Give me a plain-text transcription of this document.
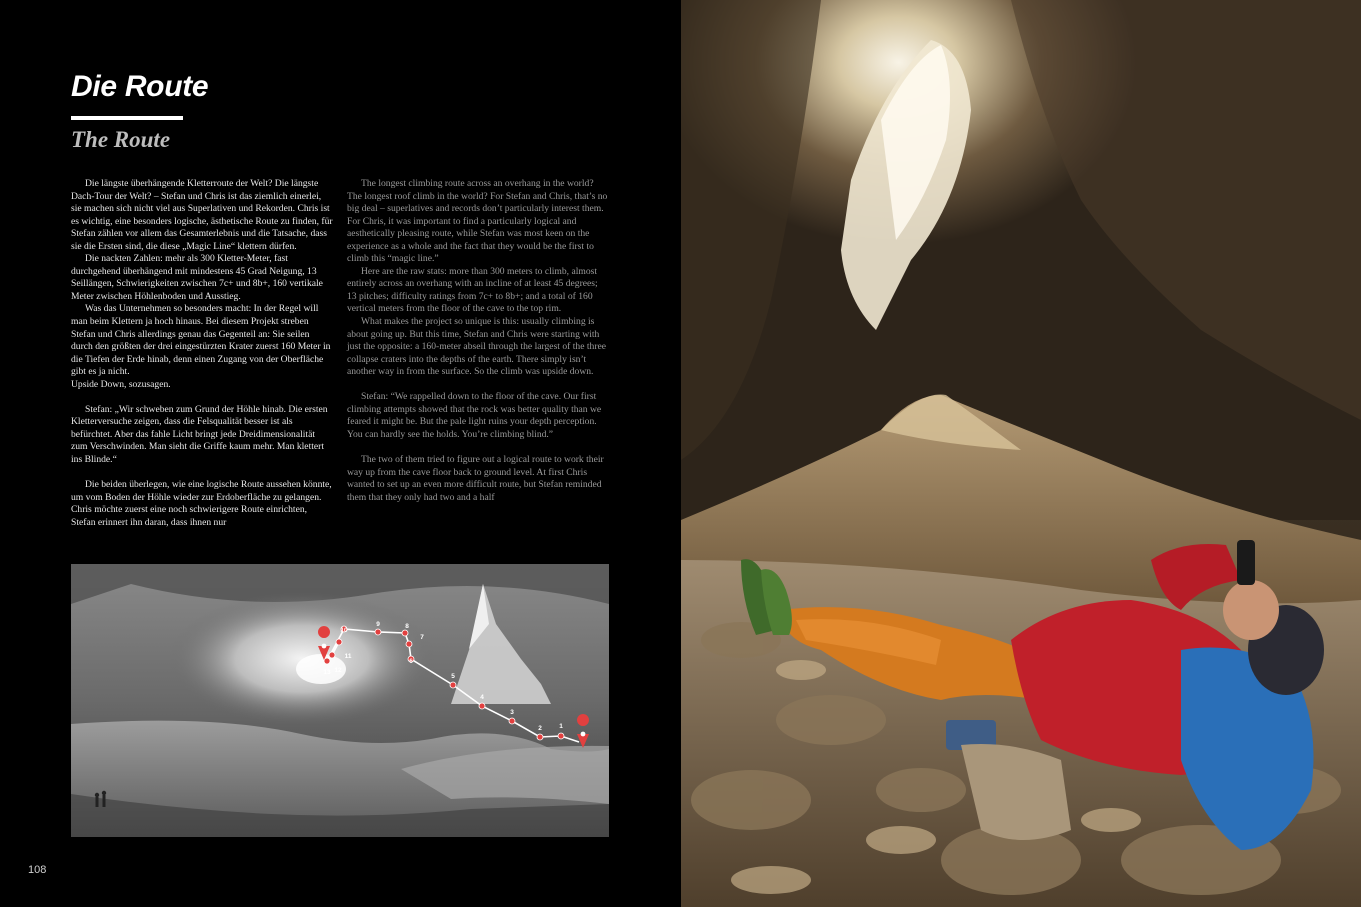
Die Route
The Route

Die längste überhängende Kletterroute der Welt? Die längste Dach-Tour der Welt? – Stefan und Chris ist das ziemlich einerlei, sie machen sich nicht viel aus Superlativen und Rekorden. Chris ist es wichtig, eine besonders logische, ästhetische Route zu finden, für Stefan zählen vor allem das Gesamterlebnis und die Tatsache, dass sie die Ersten sind, die diese „Magic Line“ klettern dürfen.

Die nackten Zahlen: mehr als 300 Kletter-Meter, fast durchgehend überhängend mit mindestens 45 Grad Neigung, 13 Seillängen, Schwierigkeiten zwischen 7c+ und 8b+, 160 vertikale Meter zwischen Höhlenboden und Ausstieg.

Was das Unternehmen so besonders macht: In der Regel will man beim Klettern ja hoch hinaus. Bei diesem Projekt streben Stefan und Chris allerdings genau das Gegenteil an: Sie seilen durch den größten der drei eingestürzten Krater zuerst 160 Meter in die Tiefen der Erde hinab, denn einen Zugang von der Oberfläche gibt es ja nicht.

Upside Down, sozusagen.

Stefan: „Wir schweben zum Grund der Höhle hinab. Die ersten Kletterversuche zeigen, dass die Felsqualität besser ist als befürchtet. Aber das fahle Licht bringt jede Dreidimensionalität zum Verschwinden. Man sieht die Griffe kaum mehr. Man klettert ins Blinde.“

Die beiden überlegen, wie eine logische Route aussehen könnte, um vom Boden der Höhle wieder zur Erdoberfläche zu gelangen. Chris möchte zuerst eine noch schwierigere Route einrichten, Stefan erinnert ihn daran, dass ihnen nur

The longest climbing route across an overhang in the world? The longest roof climb in the world? For Stefan and Chris, that’s no big deal – superlatives and records don’t particularly interest them. For Chris, it was important to find a particularly logical and aesthetically pleasing route, while Stefan was most keen on the experience as a whole and the fact that they would be the first to climb this “magic line.”

Here are the raw stats: more than 300 meters to climb, almost entirely across an overhang with an incline of at least 45 degrees; 13 pitches; difficulty ratings from 7c+ to 8b+; and a total of 160 vertical meters from the floor of the cave to the top rim.

What makes the project so unique is this: usually climbing is about going up. But this time, Stefan and Chris were starting with just the opposite: a 160-meter abseil through the largest of the three collapse craters into the depths of the earth. There simply isn’t another way in from the surface. So the climb was upside down.

Stefan: “We rappelled down to the floor of the cave. Our first climbing attempts showed that the rock was better quality than we feared it might be. But the pale light ruins your depth perception. You can hardly see the holds. You’re climbing blind.”

The two of them tried to figure out a logical route to work their way up from the cave floor back to ground level. At first Chris wanted to set up an even more difficult route, but Stefan reminded them that they only had two and a half

1
2
3
4
5
6
7
8
9
10
11
12
13
108
